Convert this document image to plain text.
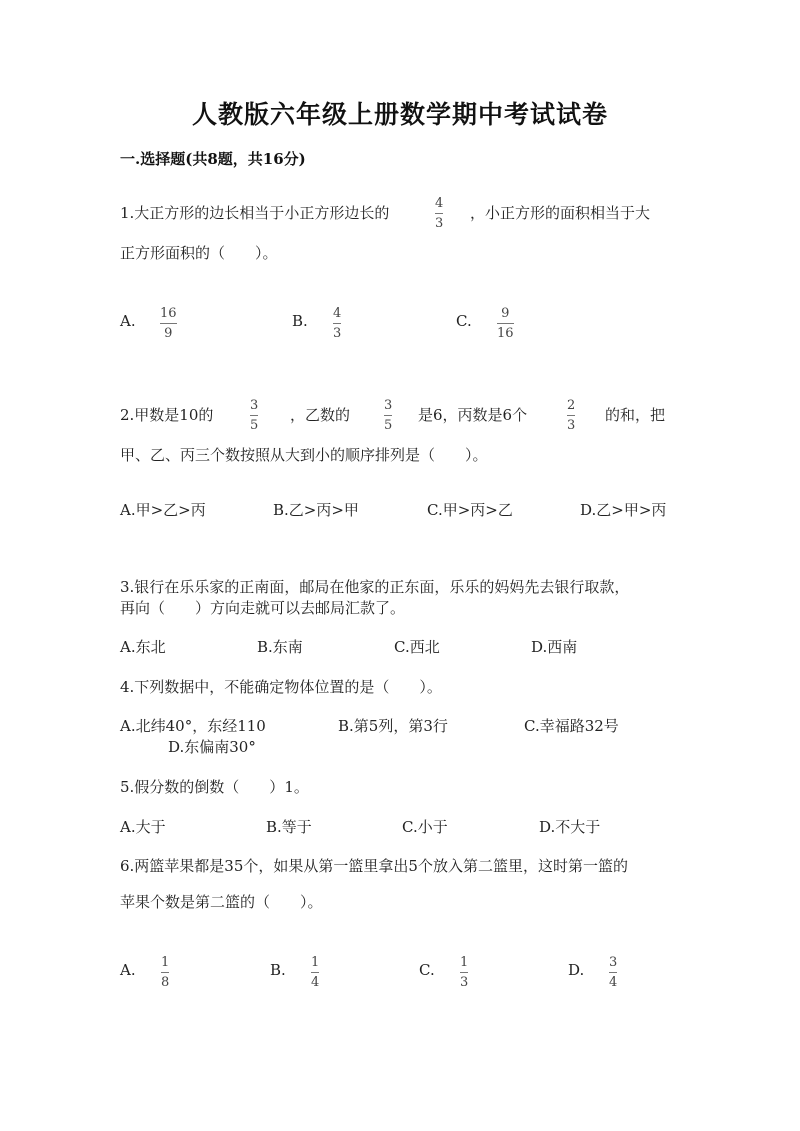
人教版六年级上册数学期中考试试卷
一.选择题(共8题，共16分)
1.大正方形的边长相当于小正方形边长的
4
3
，小正方形的面积相当于大
正方形面积的（　　）。
A. 16
9
B. 4
3
C. 9
16
2.甲数是10的
3
5
，乙数的
3
5
是6，丙数是6个
2
3
的和，把
甲、乙、丙三个数按照从大到小的顺序排列是（　　）。
A.甲>乙>丙	B.乙>丙>甲	C.甲>丙>乙	D.乙>甲>丙
3.银行在乐乐家的正南面，邮局在他家的正东面，乐乐的妈妈先去银行取款，
再向（　　）方向走就可以去邮局汇款了。
A.东北	B.东南	C.西北	D.西南
4.下列数据中，不能确定物体位置的是（　　）。
A.北纬40°，东经110	B.第5列，第3行	C.幸福路32号
D.东偏南30°
5.假分数的倒数（　　）1。
A.大于	B.等于	C.小于	D.不大于
6.两篮苹果都是35个，如果从第一篮里拿出5个放入第二篮里，这时第一篮的
苹果个数是第二篮的（　　）。
A. 1
8
B. 1
4
C. 1
3
D. 3
4
